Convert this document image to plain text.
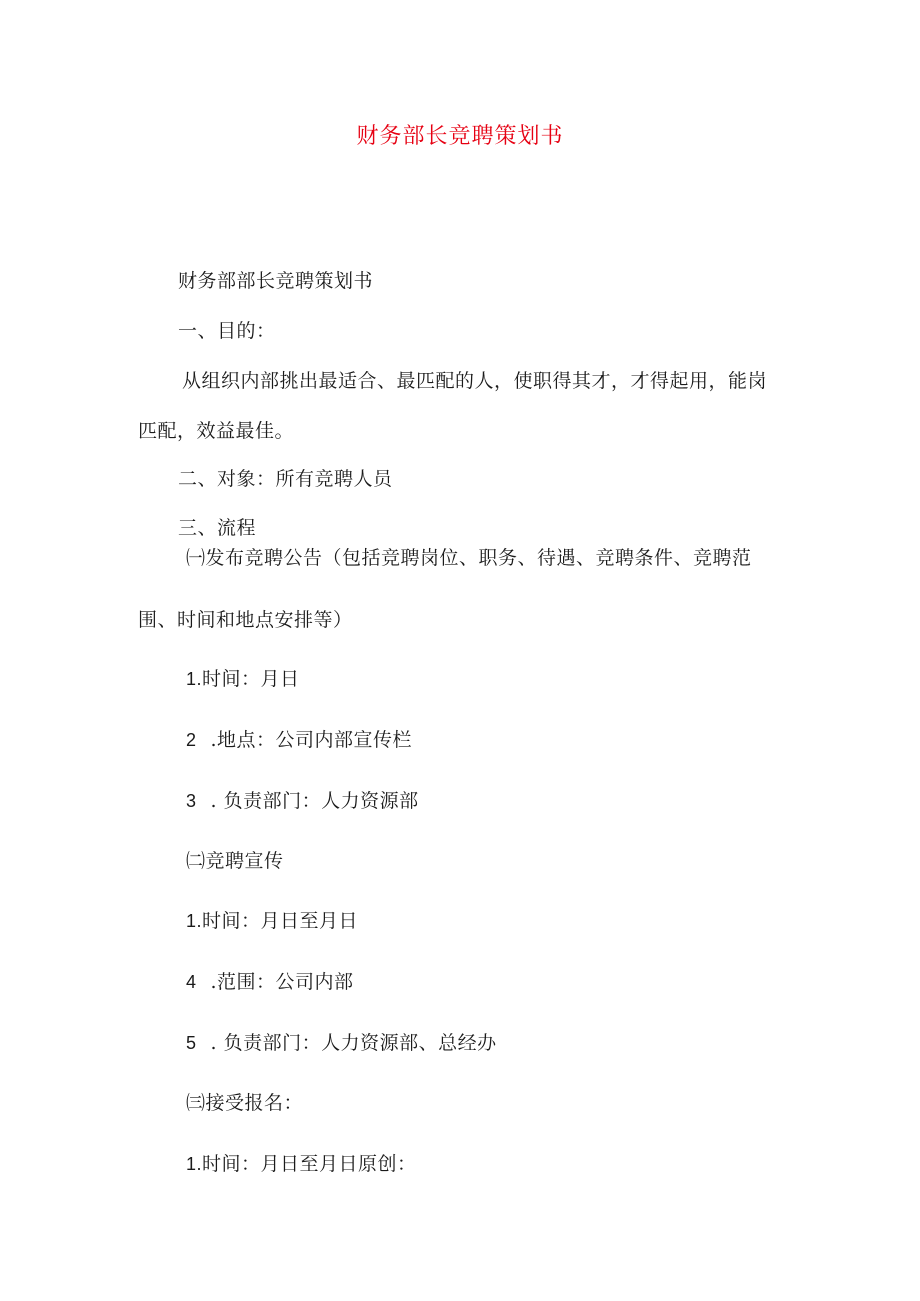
财务部长竞聘策划书
财务部部长竞聘策划书
一、目的：
从组织内部挑出最适合、最匹配的人，使职得其才，才得起用，能岗
匹配，效益最佳。
二、对象：所有竞聘人员
三、流程
㈠发布竞聘公告（包括竞聘岗位、职务、待遇、竞聘条件、竞聘范
围、时间和地点安排等）
1.时间：月日
2 .地点：公司内部宣传栏
3 . 负责部门：人力资源部
㈡竞聘宣传
1.时间：月日至月日
4 .范围：公司内部
5 . 负责部门：人力资源部、总经办
㈢接受报名：
1.时间：月日至月日原创：
